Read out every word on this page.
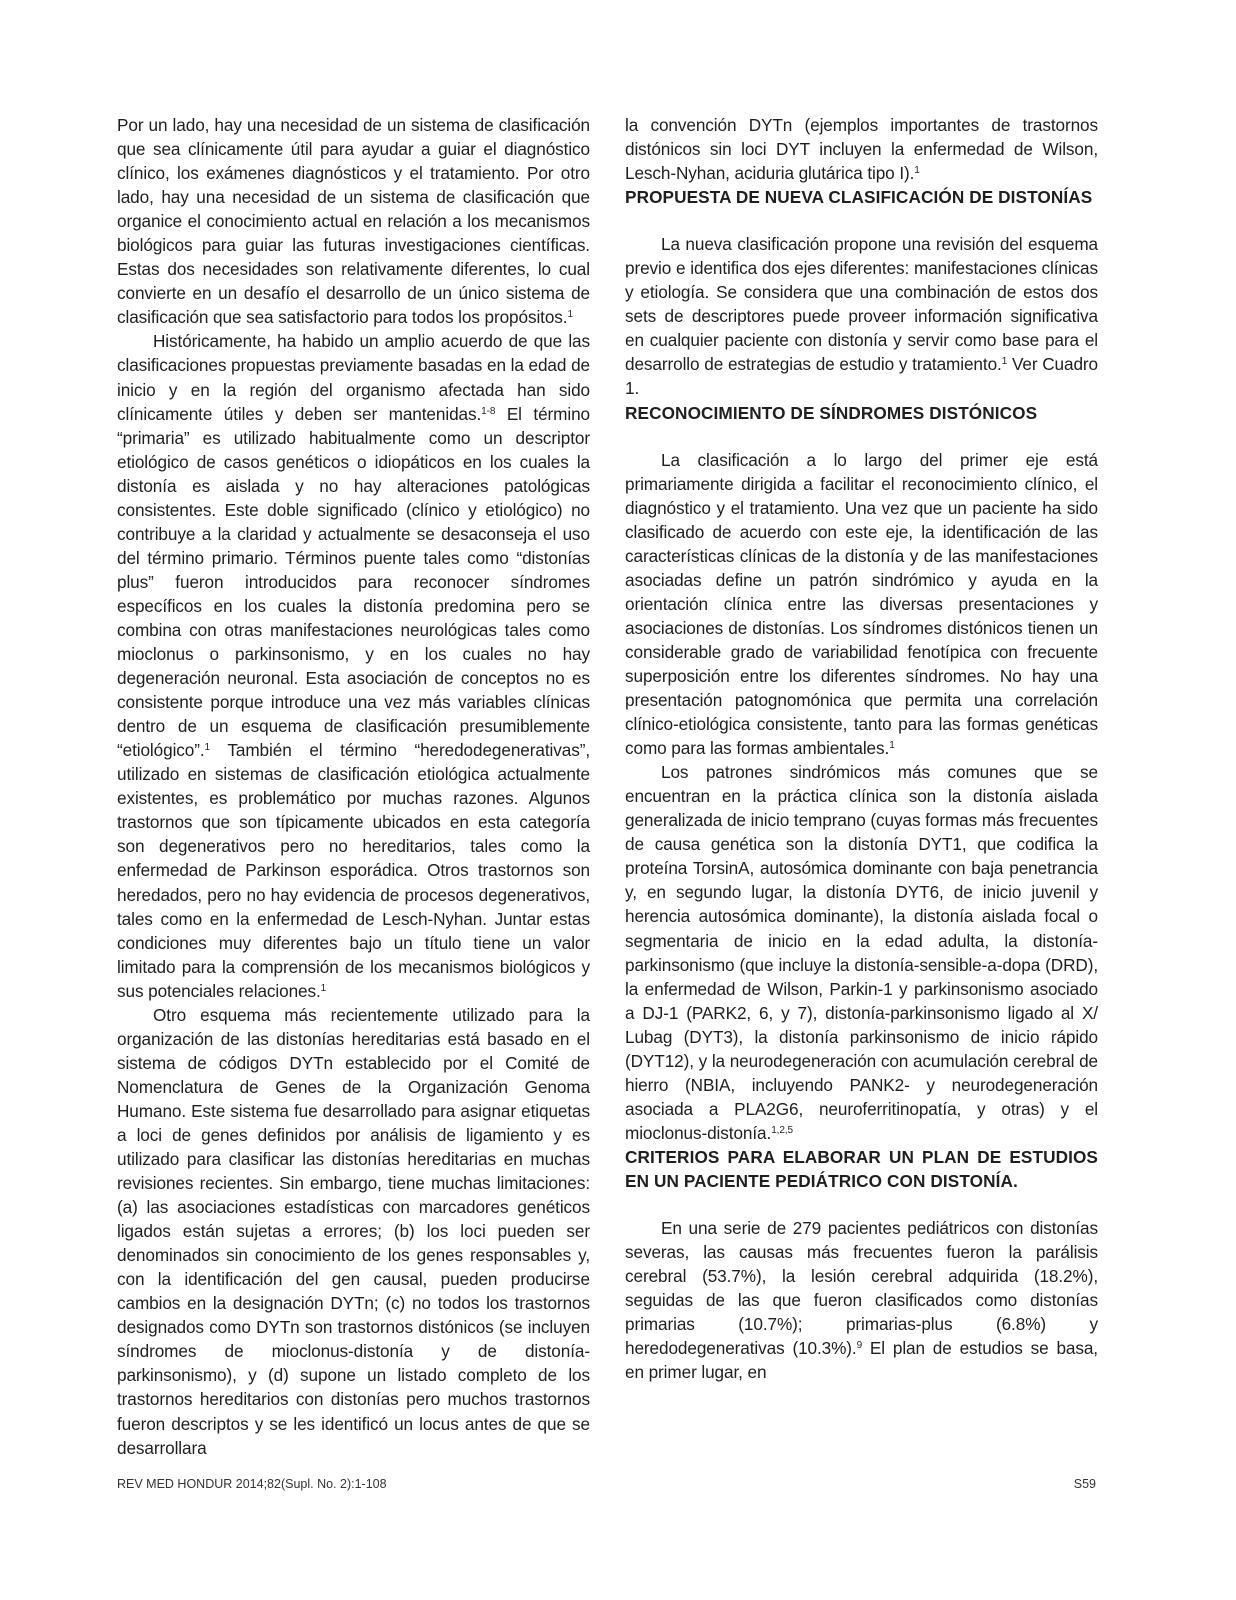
Por un lado, hay una necesidad de un sistema de clasificación que sea clínicamente útil para ayudar a guiar el diagnóstico clínico, los exámenes diagnósticos y el tratamiento. Por otro lado, hay una necesidad de un sistema de clasificación que organice el conocimiento actual en relación a los mecanismos biológicos para guiar las futuras investigaciones científicas. Estas dos necesidades son relativamente diferentes, lo cual convierte en un desafío el desarrollo de un único sistema de clasificación que sea satisfactorio para todos los propósitos.$^1$

Históricamente, ha habido un amplio acuerdo de que las clasificaciones propuestas previamente basadas en la edad de inicio y en la región del organismo afectada han sido clínicamente útiles y deben ser mantenidas.$^{1-8}$ El término “primaria” es utilizado habitualmente como un descriptor etiológico de casos genéticos o idiopáticos en los cuales la distonía es aislada y no hay alteraciones patológicas consistentes. Este doble significado (clínico y etiológico) no contribuye a la claridad y actualmente se desaconseja el uso del término primario. Términos puente tales como “distonías plus” fueron introducidos para reconocer síndromes específicos en los cuales la distonía predomina pero se combina con otras manifestaciones neurológicas tales como mioclonus o parkinsonismo, y en los cuales no hay degeneración neuronal. Esta asociación de conceptos no es consistente porque introduce una vez más variables clínicas dentro de un esquema de clasificación presumiblemente “etiológico”.$^1$ También el término “heredodegenerativas”, utilizado en sistemas de clasificación etiológica actualmente existentes, es problemático por muchas razones. Algunos trastornos que son típicamente ubicados en esta categoría son degenerativos pero no hereditarios, tales como la enfermedad de Parkinson esporádica. Otros trastornos son heredados, pero no hay evidencia de procesos degenerativos, tales como en la enfermedad de Lesch-Nyhan. Juntar estas condiciones muy diferentes bajo un título tiene un valor limitado para la comprensión de los mecanismos biológicos y sus potenciales relaciones.$^1$

Otro esquema más recientemente utilizado para la organización de las distonías hereditarias está basado en el sistema de códigos DYTn establecido por el Comité de Nomenclatura de Genes de la Organización Genoma Humano. Este sistema fue desarrollado para asignar etiquetas a loci de genes definidos por análisis de ligamiento y es utilizado para clasificar las distonías hereditarias en muchas revisiones recientes. Sin embargo, tiene muchas limitaciones: (a) las asociaciones estadísticas con marcadores genéticos ligados están sujetas a errores; (b) los loci pueden ser denominados sin conocimiento de los genes responsables y, con la identificación del gen causal, pueden producirse cambios en la designación DYTn; (c) no todos los trastornos designados como DYTn son trastornos distónicos (se incluyen síndromes de mioclonus-distonía y de distonía-parkinsonismo), y (d) supone un listado completo de los trastornos hereditarios con distonías pero muchos trastornos fueron descriptos y se les identificó un locus antes de que se desarrollara

la convención DYTn (ejemplos importantes de trastornos distónicos sin loci DYT incluyen la enfermedad de Wilson, Lesch-Nyhan, aciduria glutárica tipo I).$^1$

PROPUESTA DE NUEVA CLASIFICACIÓN DE DISTONÍAS

La nueva clasificación propone una revisión del esquema previo e identifica dos ejes diferentes: manifestaciones clínicas y etiología. Se considera que una combinación de estos dos sets de descriptores puede proveer información significativa en cualquier paciente con distonía y servir como base para el desarrollo de estrategias de estudio y tratamiento.$^1$ Ver Cuadro 1.

RECONOCIMIENTO DE SÍNDROMES DISTÓNICOS

La clasificación a lo largo del primer eje está primariamente dirigida a facilitar el reconocimiento clínico, el diagnóstico y el tratamiento. Una vez que un paciente ha sido clasificado de acuerdo con este eje, la identificación de las características clínicas de la distonía y de las manifestaciones asociadas define un patrón sindrómico y ayuda en la orientación clínica entre las diversas presentaciones y asociaciones de distonías. Los síndromes distónicos tienen un considerable grado de variabilidad fenotípica con frecuente superposición entre los diferentes síndromes. No hay una presentación patognomónica que permita una correlación clínico-etiológica consistente, tanto para las formas genéticas como para las formas ambientales.$^1$

Los patrones sindrómicos más comunes que se encuentran en la práctica clínica son la distonía aislada generalizada de inicio temprano (cuyas formas más frecuentes de causa genética son la distonía DYT1, que codifica la proteína TorsinA, autosómica dominante con baja penetrancia y, en segundo lugar, la distonía DYT6, de inicio juvenil y herencia autosómica dominante), la distonía aislada focal o segmentaria de inicio en la edad adulta, la distonía-parkinsonismo (que incluye la distonía-sensible-a-dopa (DRD), la enfermedad de Wilson, Parkin-1 y parkinsonismo asociado a DJ-1 (PARK2, 6, y 7), distonía-parkinsonismo ligado al X/ Lubag (DYT3), la distonía parkinsonismo de inicio rápido (DYT12), y la neurodegeneración con acumulación cerebral de hierro (NBIA, incluyendo PANK2- y neurodegeneración asociada a PLA2G6, neuroferritinopatía, y otras) y el mioclonus-distonía.$^{1,2,5}$

CRITERIOS PARA ELABORAR UN PLAN DE ESTUDIOS EN UN PACIENTE PEDIÁTRICO CON DISTONÍA.

En una serie de 279 pacientes pediátricos con distonías severas, las causas más frecuentes fueron la parálisis cerebral (53.7%), la lesión cerebral adquirida (18.2%), seguidas de las que fueron clasificados como distonías primarias (10.7%); primarias-plus (6.8%) y heredodegenerativas (10.3%).$^9$ El plan de estudios se basa, en primer lugar, en

REV MED HONDUR 2014;82(Supl. No. 2):1-108	S59
